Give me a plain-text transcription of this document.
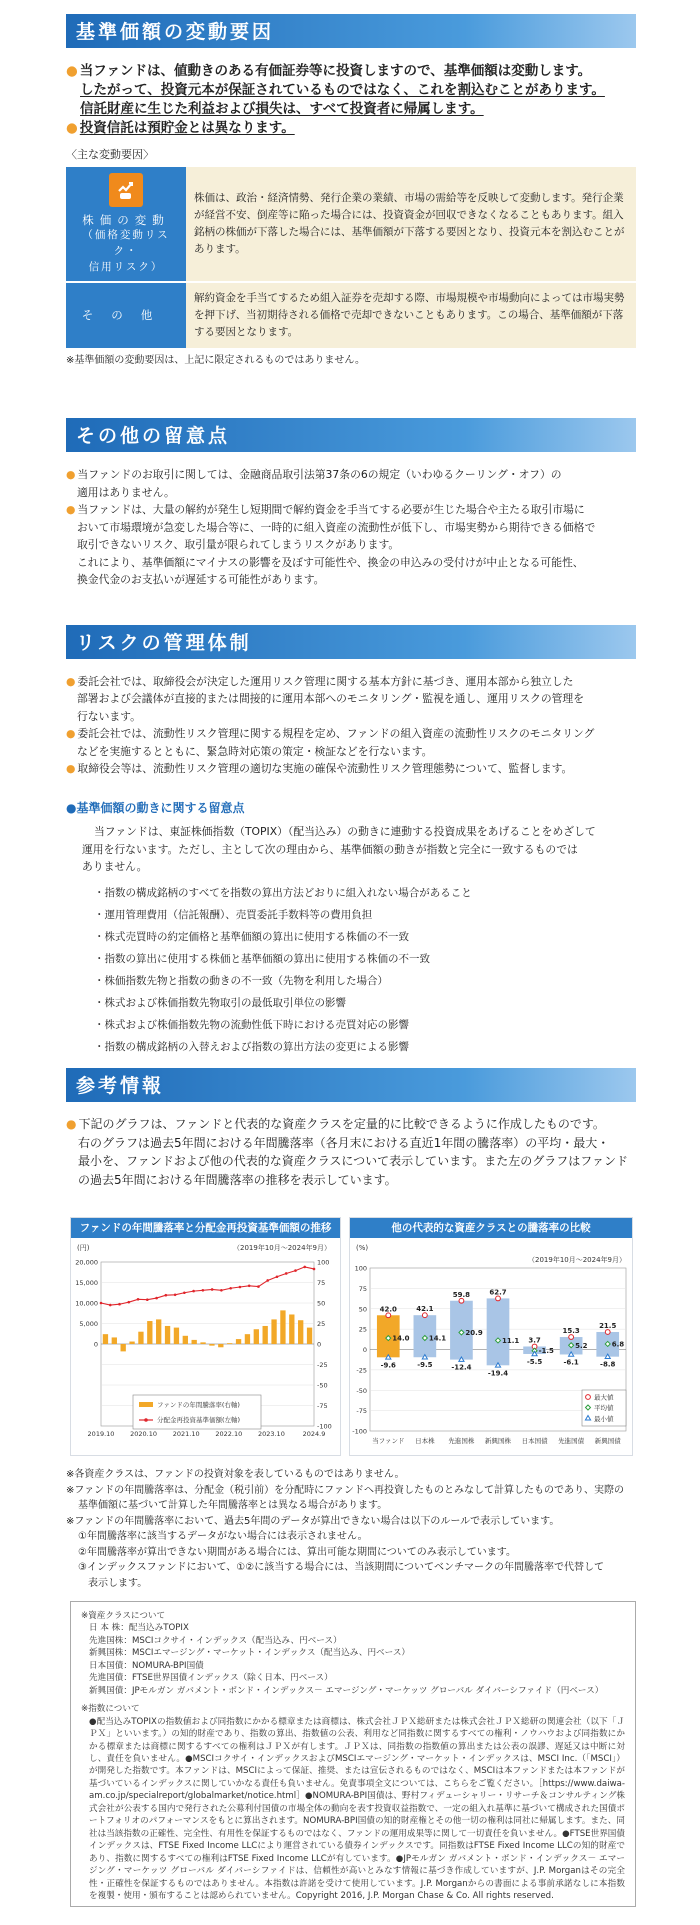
基準価額の変動要因

● 当ファンドは、値動きのある有価証券等に投資しますので、基準価額は変動します。

したがって、投資元本が保証されているものではなく、これを割込むことがあります。

信託財産に生じた利益および損失は、すべて投資者に帰属します。

● 投資信託は預貯金とは異なります。

〈主な変動要因〉
株価の変動
（価格変動リスク・
信用リスク）	株価は、政治・経済情勢、発行企業の業績、市場の需給等を反映して変動します。発行企業が経営不安、倒産等に陥った場合には、投資資金が回収できなくなることもあります。組入銘柄の株価が下落した場合には、基準価額が下落する要因となり、投資元本を割込むことがあります。

その他	解約資金を手当てするため組入証券を売却する際、市場規模や市場動向によっては市場実勢を押下げ、当初期待される価格で売却できないこともあります。この場合、基準価額が下落する要因となります。
※基準価額の変動要因は、上記に限定されるものではありません。
その他の留意点

● 当ファンドのお取引に関しては、金融商品取引法第37条の6の規定（いわゆるクーリング・オフ）の

適用はありません。

● 当ファンドは、大量の解約が発生し短期間で解約資金を手当てする必要が生じた場合や主たる取引市場に

おいて市場環境が急変した場合等に、一時的に組入資産の流動性が低下し、市場実勢から期待できる価格で

取引できないリスク、取引量が限られてしまうリスクがあります。

これにより、基準価額にマイナスの影響を及ぼす可能性や、換金の申込みの受付けが中止となる可能性、

換金代金のお支払いが遅延する可能性があります。

リスクの管理体制

● 委託会社では、取締役会が決定した運用リスク管理に関する基本方針に基づき、運用本部から独立した

部署および会議体が直接的または間接的に運用本部へのモニタリング・監視を通し、運用リスクの管理を

行ないます。

● 委託会社では、流動性リスク管理に関する規程を定め、ファンドの組入資産の流動性リスクのモニタリング

などを実施するとともに、緊急時対応策の策定・検証などを行ないます。

● 取締役会等は、流動性リスク管理の適切な実施の確保や流動性リスク管理態勢について、監督します。

●基準価額の動きに関する留意点

当ファンドは、東証株価指数（TOPIX）（配当込み）の動きに連動する投資成果をあげることをめざして

運用を行ないます。ただし、主として次の理由から、基準価額の動きが指数と完全に一致するものでは

ありません。

・指数の構成銘柄のすべてを指数の算出方法どおりに組入れない場合があること
・運用管理費用（信託報酬）、売買委託手数料等の費用負担
・株式売買時の約定価格と基準価額の算出に使用する株価の不一致
・指数の算出に使用する株価と基準価額の算出に使用する株価の不一致
・株価指数先物と指数の動きの不一致（先物を利用した場合）
・株式および株価指数先物取引の最低取引単位の影響
・株式および株価指数先物の流動性低下時における売買対応の影響
・指数の構成銘柄の入替えおよび指数の算出方法の変更による影響
参考情報

● 下記のグラフは、ファンドと代表的な資産クラスを定量的に比較できるように作成したものです。

右のグラフは過去5年間における年間騰落率（各月末における直近1年間の騰落率）の平均・最大・

最小を、ファンドおよび他の代表的な資産クラスについて表示しています。また左のグラフはファンド

の過去5年間における年間騰落率の推移を表示しています。

ファンドの年間騰落率と分配金再投資基準価額の推移
(円)	（2019年10月〜2024年9月）
100
75
50
25
0
-25
-50
-75
-100
20,000
15,000
10,000
5,000
0
2019.10 2020.10 2021.10 2022.10 2023.10	2024.9
ファンドの年間騰落率(右軸)
分配金再投資基準価額(左軸)
他の代表的な資産クラスとの騰落率の比較
(%)
（2019年10月〜2024年9月）
100
75
50
25
0
-25
-50
-75
-100
当ファンド 日本株 先進国株 新興国株 日本国債 先進国債 新興国債
42.0
14.0
-9.6
42.1
14.1
-9.5
59.8
20.9
-12.4
62.7
11.1
-19.4
3.7
-1.5
-5.5
15.3
5.2
-6.1
21.5
6.8
-8.8
最大値
平均値
最小値

※各資産クラスは、ファンドの投資対象を表しているものではありません。

※ファンドの年間騰落率は、分配金（税引前）を分配時にファンドへ再投資したものとみなして計算したものであり、実際の

基準価額に基づいて計算した年間騰落率とは異なる場合があります。

※ファンドの年間騰落率において、過去5年間のデータが算出できない場合は以下のルールで表示しています。

①年間騰落率に該当するデータがない場合には表示されません。

②年間騰落率が算出できない期間がある場合には、算出可能な期間についてのみ表示しています。

③インデックスファンドにおいて、①②に該当する場合には、当該期間についてベンチマークの年間騰落率で代替して

表示します。

※資産クラスについて

日 本 株：配当込みTOPIX

先進国株：MSCIコクサイ・インデックス（配当込み、円ベース）

新興国株：MSCIエマージング・マーケット・インデックス（配当込み、円ベース）

日本国債：NOMURA-BPI国債

先進国債：FTSE世界国債インデックス（除く日本、円ベース）

新興国債：JPモルガン ガバメント・ボンド・インデックス－ エマージング・マーケッツ グローバル ダイバーシファイド（円ベース）

※指数について

●配当込みTOPIXの指数値および同指数にかかる標章または商標は、株式会社ＪＰＸ総研または株式会社ＪＰＸ総研の関連会社（以下「ＪＰＸ」といいます。）の知的財産であり、指数の算出、指数値の公表、利用など同指数に関するすべての権利・ノウハウおよび同指数にかかる標章または商標に関するすべての権利はＪＰＸが有します。ＪＰＸは、同指数の指数値の算出または公表の誤謬、遅延又は中断に対し、責任を負いません。●MSCIコクサイ・インデックスおよびMSCIエマージング・マーケット・インデックスは、MSCI Inc.（「MSCI」）が開発した指数です。本ファンドは、MSCIによって保証、推奨、または宣伝されるものではなく、MSCIは本ファンドまたは本ファンドが基づいているインデックスに関していかなる責任も負いません。免責事項全文については、こちらをご覧ください。［https://www.daiwa-am.co.jp/specialreport/globalmarket/notice.html］●NOMURA-BPI国債は、野村フィデューシャリー・リサーチ＆コンサルティング株式会社が公表する国内で発行された公募利付国債の市場全体の動向を表す投資収益指数で、一定の組入れ基準に基づいて構成された国債ポートフォリオのパフォーマンスをもとに算出されます。NOMURA-BPI国債の知的財産権とその他一切の権利は同社に帰属します。また、同社は当該指数の正確性、完全性、有用性を保証するものではなく、ファンドの運用成果等に関して一切責任を負いません。●FTSE世界国債インデックスは、FTSE Fixed Income LLCにより運営されている債券インデックスです。同指数はFTSE Fixed Income LLCの知的財産であり、指数に関するすべての権利はFTSE Fixed Income LLCが有しています。●JPモルガン ガバメント・ボンド・インデックス－ エマージング・マーケッツ グローバル ダイバーシファイドは、信頼性が高いとみなす情報に基づき作成していますが、J.P. Morganはその完全性・正確性を保証するものではありません。本指数は許諾を受けて使用しています。J.P. Morganからの書面による事前承諾なしに本指数を複製・使用・頒布することは認められていません。Copyright 2016, J.P. Morgan Chase & Co. All rights reserved.
